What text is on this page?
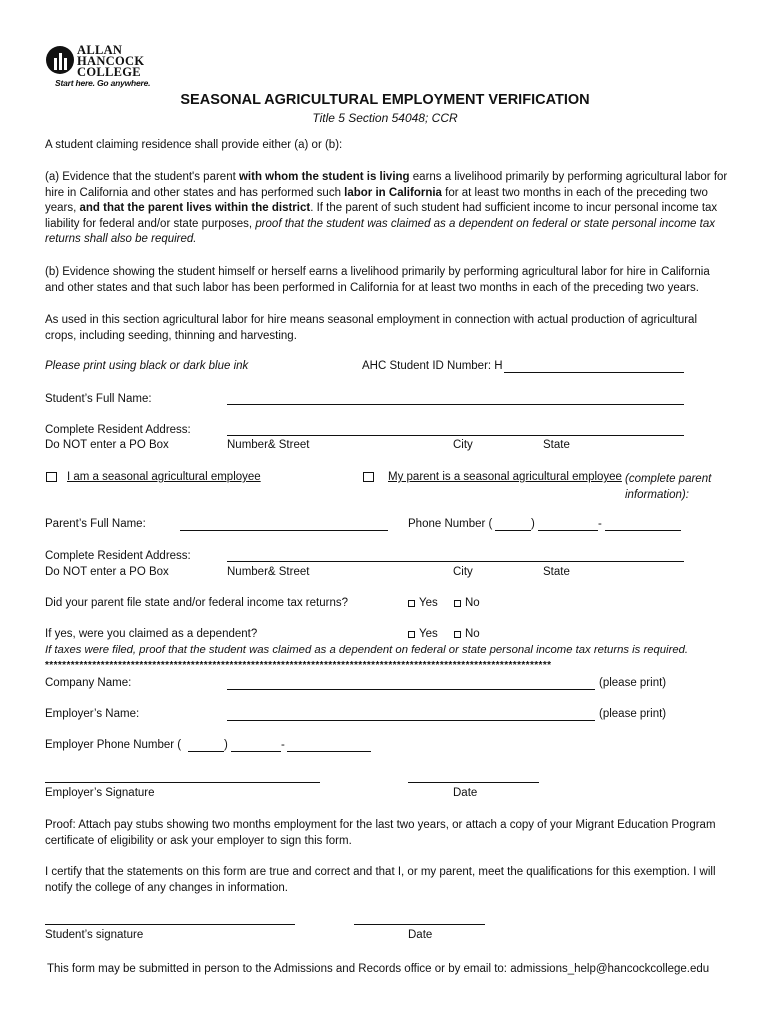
ALLAN
HANCOCK
COLLEGE
Start here. Go anywhere.
SEASONAL AGRICULTURAL EMPLOYMENT VERIFICATION
Title 5 Section 54048; CCR
A student claiming residence shall provide either (a) or (b):
(a) Evidence that the student's parent with whom the student is living earns a livelihood primarily by performing agricultural labor for hire in California and other states and has performed such labor in California for at least two months in each of the preceding two years, and that the parent lives within the district. If the parent of such student had sufficient income to incur personal income tax liability for federal and/or state purposes, proof that the student was claimed as a dependent on federal or state personal income tax returns shall also be required.
(b) Evidence showing the student himself or herself earns a livelihood primarily by performing agricultural labor for hire in California and other states and that such labor has been performed in California for at least two months in each of the preceding two years.
As used in this section agricultural labor for hire means seasonal employment in connection with actual production of agricultural crops, including seeding, thinning and harvesting.
Please print using black or dark blue ink	AHC Student ID Number: H
Student’s Full Name:
Complete Resident Address:
Do NOT enter a PO Box	Number& Street	City	State
I am a seasonal agricultural employee	My parent is a seasonal agricultural employee (complete parent information):
Parent’s Full Name:	Phone Number (	)	-
Complete Resident Address:
Do NOT enter a PO Box	Number& Street	City	State
Did your parent file state and/or federal income tax returns?	Yes	No
If yes, were you claimed as a dependent?	Yes	No
If taxes were filed, proof that the student was claimed as a dependent on federal or state personal income tax returns is required.
**********************************************************************************************************************
Company Name:	(please print)
Employer’s Name:	(please print)
Employer Phone Number (	)	-
Employer’s Signature	Date
Proof: Attach pay stubs showing two months employment for the last two years, or attach a copy of your Migrant Education Program certificate of eligibility or ask your employer to sign this form.
I certify that the statements on this form are true and correct and that I, or my parent, meet the qualifications for this exemption. I will notify the college of any changes in information.
Student’s signature	Date
This form may be submitted in person to the Admissions and Records office or by email to: admissions_help@hancockcollege.edu
